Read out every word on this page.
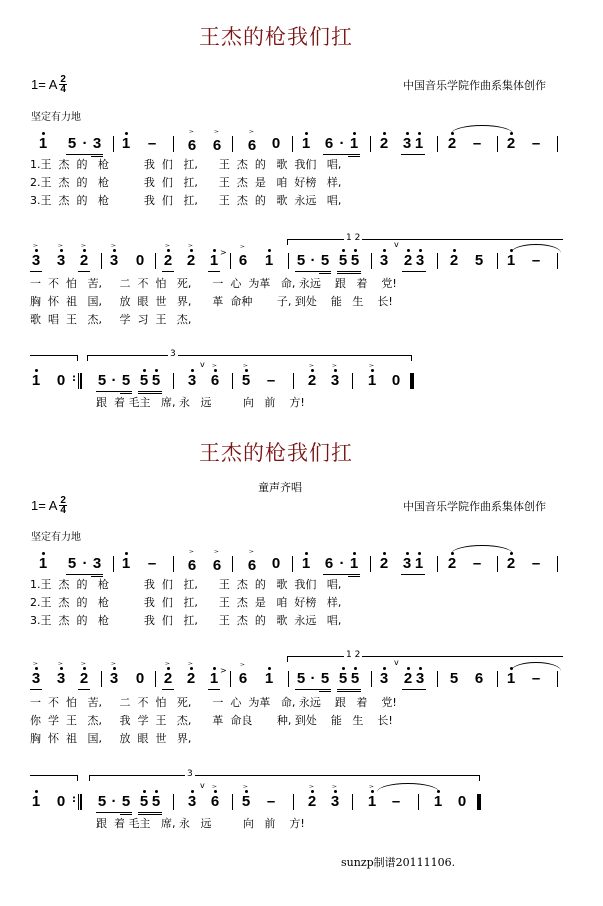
王杰的枪我们扛
1= A $\frac{2}{4}$	中国音乐学院作曲系集体创作
坚定有力地
1 5 · 3 1 – 6 > 6 > 6 > 0 1 6 · 1 2 3 1 2 – 2 –
1.王  杰  的   枪          我  们   扛,      王  杰  的   歌  我们   唱,
2.王  杰  的   枪          我  们   扛,      王  杰  是   咱  好榜   样,
3.王  杰  的   枪          我  们   扛,      王  杰  的   歌  永远   唱,
1 2
3 > 3 > 2 > 3 > 0 2 > 2 > 1 > 6 > 1 5 · 5 5 5 3
v
2 3 2 5 1 –
一  不  怕   苦,     二  不  怕   死,      一  心  为革   命, 永远    跟   着    党!
胸  怀  祖   国,     放  眼  世   界,      革  命种       子, 到处    能   生    长!
歌  唱  王   杰,     学  习  王   杰,
3
1 0 : 5 · 5 5 5 3
v
6 > 5 > – 2 > 3 > 1 > 0
跟  着 毛主   席, 永   远         向   前    方!
王杰的枪我们扛
童声齐唱
1= A $\frac{2}{4}$	中国音乐学院作曲系集体创作
坚定有力地
1 5 · 3 1 – 6 > 6 > 6 > 0 1 6 · 1 2 3 1 2 – 2 –
1.王  杰  的   枪          我  们   扛,      王  杰  的   歌  我们   唱,
2.王  杰  的   枪          我  们   扛,      王  杰  是   咱  好榜   样,
3.王  杰  的   枪          我  们   扛,      王  杰  的   歌  永远   唱,
1 2
3 > 3 > 2 > 3 > 0 2 > 2 > 1 > 6 > 1 5 · 5 5 5 3
v
2 3 5 6 1 –
一  不  怕   苦,     二  不  怕   死,      一  心  为革   命, 永远    跟   着    党!
你  学  王   杰,     我  学  王   杰,      革  命良       种, 到处    能   生    长!
胸  怀  祖   国,     放  眼  世   界,
3
1 0 : 5 · 5 5 5 3
v
6 > 5 > – 2 > 3 > 1 > – 1 0
跟  着 毛主   席, 永   远         向   前    方!
sunzp制谱20111106.
